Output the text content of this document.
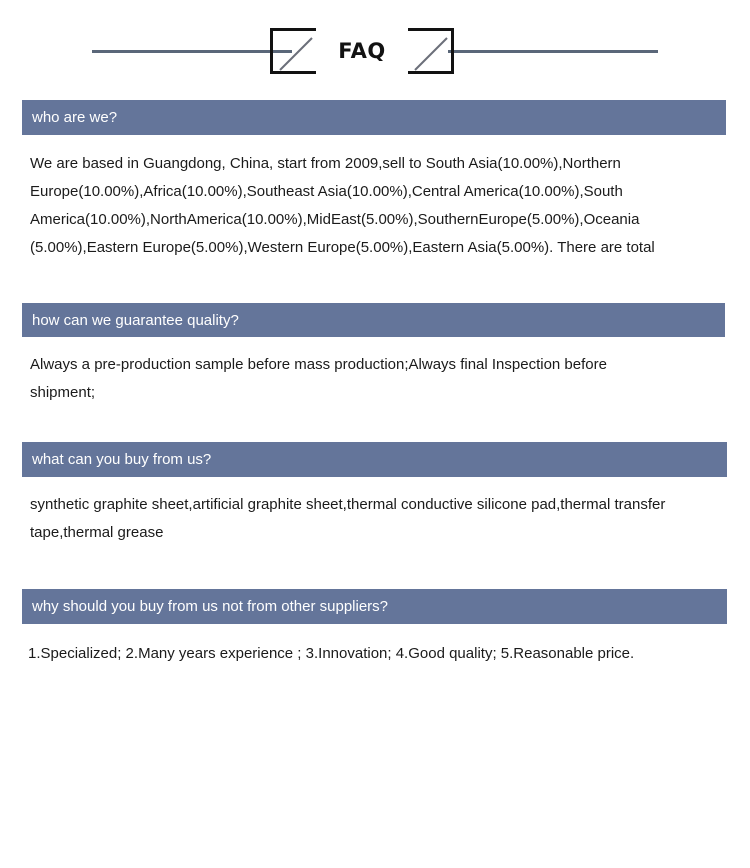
FAQ
who are we?
We are based in Guangdong, China, start from 2009,sell to South Asia(10.00%),Northern Europe(10.00%),Africa(10.00%),Southeast Asia(10.00%),Central America(10.00%),South America(10.00%),NorthAmerica(10.00%),MidEast(5.00%),SouthernEurope(5.00%),Oceania (5.00%),Eastern Europe(5.00%),Western Europe(5.00%),Eastern Asia(5.00%). There are total
how can we guarantee quality?
Always a pre-production sample before mass production;Always final Inspection before shipment;
what can you buy from us?
synthetic graphite sheet,artificial graphite sheet,thermal conductive silicone pad,thermal transfer tape,thermal grease
why should you buy from us not from other suppliers?
1.Specialized; 2.Many years experience ; 3.Innovation; 4.Good quality; 5.Reasonable price.
